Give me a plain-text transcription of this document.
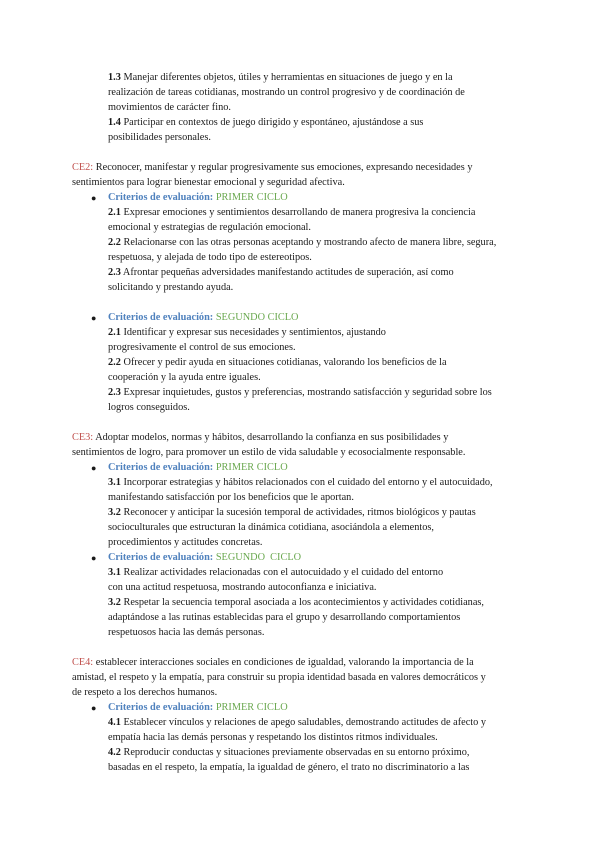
1.3 Manejar diferentes objetos, útiles y herramientas en situaciones de juego y en la

realización de tareas cotidianas, mostrando un control progresivo y de coordinación de

movimientos de carácter fino.

1.4 Participar en contextos de juego dirigido y espontáneo, ajustándose a sus

posibilidades personales.

CE2: Reconocer, manifestar y regular progresivamente sus emociones, expresando necesidades y

sentimientos para lograr bienestar emocional y seguridad afectiva.

● Criterios de evaluación: PRIMER CICLO

2.1 Expresar emociones y sentimientos desarrollando de manera progresiva la conciencia

emocional y estrategias de regulación emocional.

2.2 Relacionarse con las otras personas aceptando y mostrando afecto de manera libre, segura,

respetuosa, y alejada de todo tipo de estereotipos.

2.3 Afrontar pequeñas adversidades manifestando actitudes de superación, así como

solicitando y prestando ayuda.

● Criterios de evaluación: SEGUNDO CICLO

2.1 Identificar y expresar sus necesidades y sentimientos, ajustando

progresivamente el control de sus emociones.

2.2 Ofrecer y pedir ayuda en situaciones cotidianas, valorando los beneficios de la

cooperación y la ayuda entre iguales.

2.3 Expresar inquietudes, gustos y preferencias, mostrando satisfacción y seguridad sobre los

logros conseguidos.

CE3: Adoptar modelos, normas y hábitos, desarrollando la confianza en sus posibilidades y

sentimientos de logro, para promover un estilo de vida saludable y ecosocialmente responsable.

● Criterios de evaluación: PRIMER CICLO

3.1 Incorporar estrategias y hábitos relacionados con el cuidado del entorno y el autocuidado,

manifestando satisfacción por los beneficios que le aportan.

3.2 Reconocer y anticipar la sucesión temporal de actividades, ritmos biológicos y pautas

socioculturales que estructuran la dinámica cotidiana, asociándola a elementos,

procedimientos y actitudes concretas.

● Criterios de evaluación: SEGUNDO  CICLO

3.1 Realizar actividades relacionadas con el autocuidado y el cuidado del entorno

con una actitud respetuosa, mostrando autoconfianza e iniciativa.

3.2 Respetar la secuencia temporal asociada a los acontecimientos y actividades cotidianas,

adaptándose a las rutinas establecidas para el grupo y desarrollando comportamientos

respetuosos hacia las demás personas.

CE4: establecer interacciones sociales en condiciones de igualdad, valorando la importancia de la

amistad, el respeto y la empatía, para construir su propia identidad basada en valores democráticos y

de respeto a los derechos humanos.

● Criterios de evaluación: PRIMER CICLO

4.1 Establecer vínculos y relaciones de apego saludables, demostrando actitudes de afecto y

empatía hacia las demás personas y respetando los distintos ritmos individuales.

4.2 Reproducir conductas y situaciones previamente observadas en su entorno próximo,

basadas en el respeto, la empatía, la igualdad de género, el trato no discriminatorio a las
